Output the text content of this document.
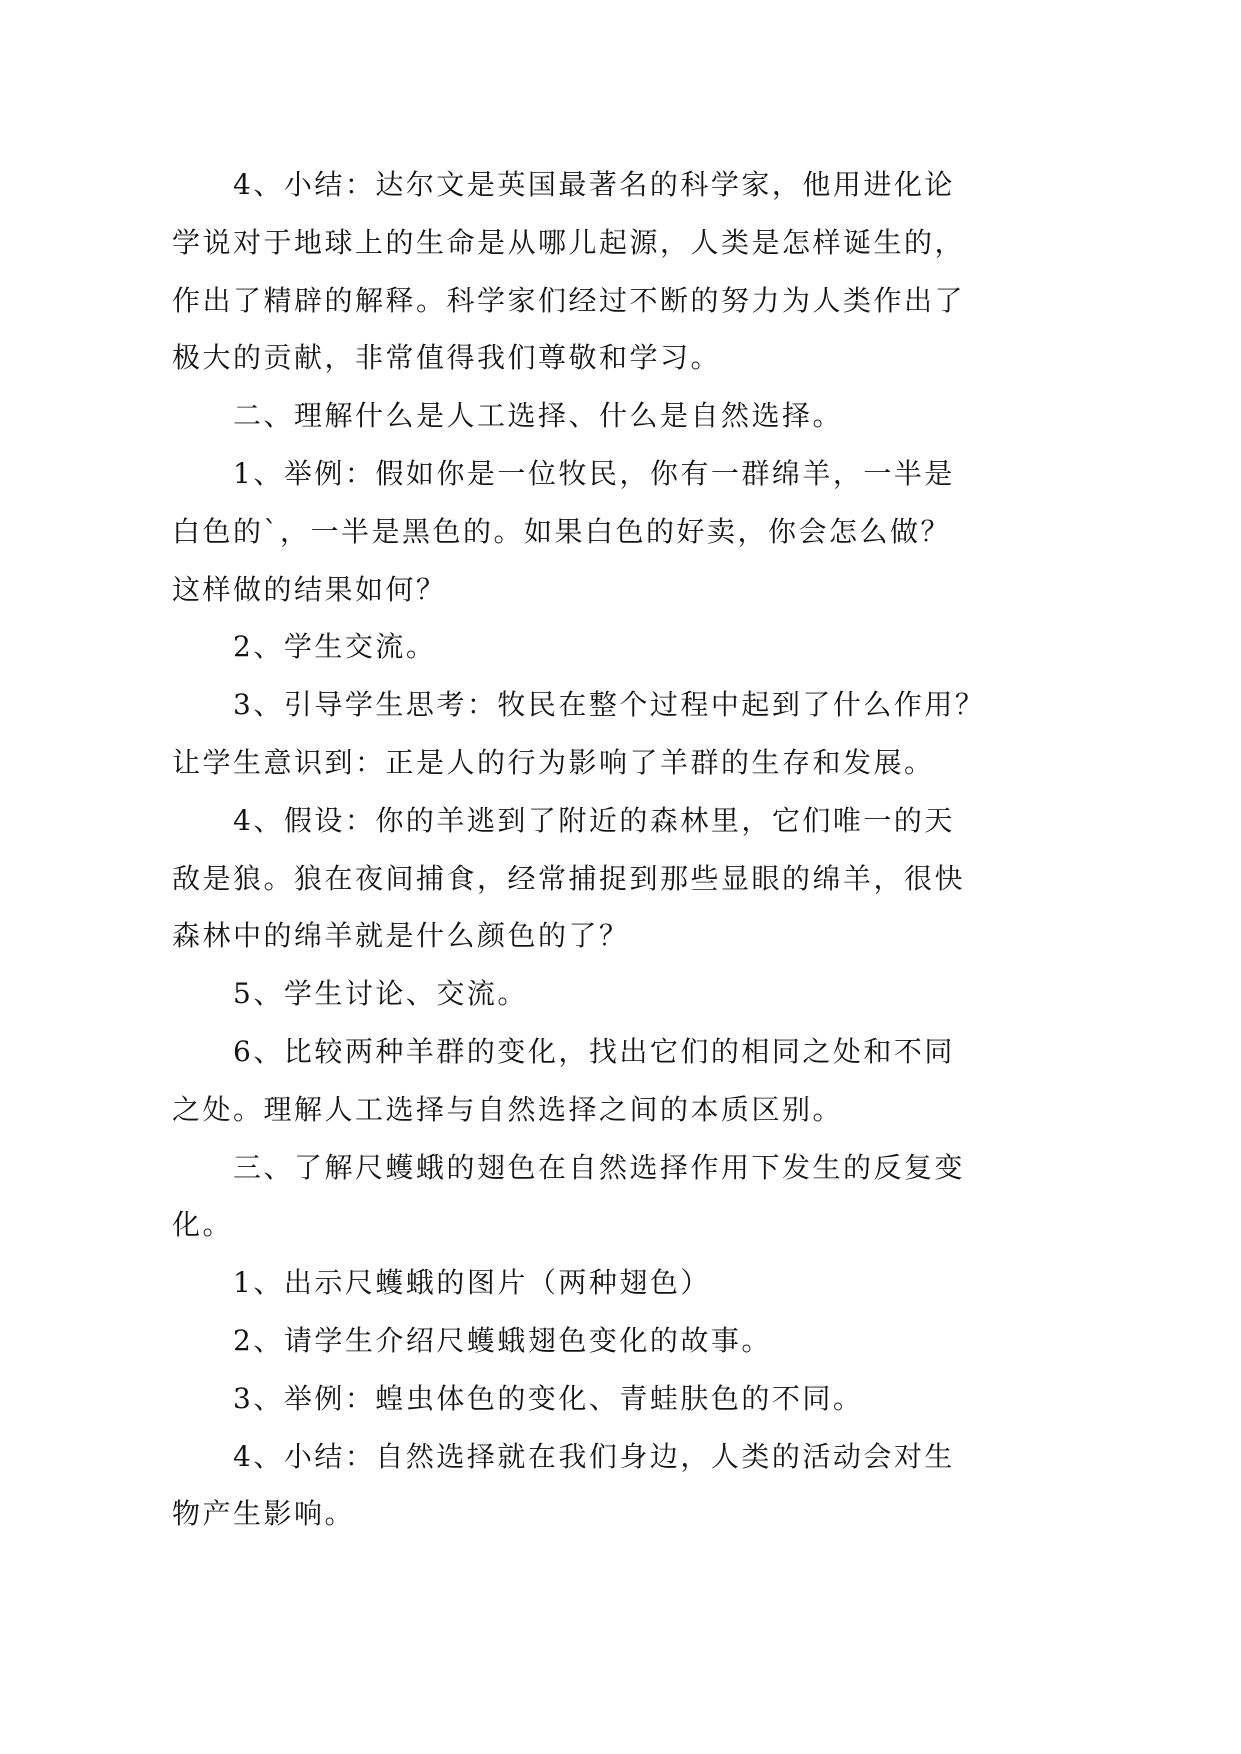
4、小结：达尔文是英国最著名的科学家，他用进化论
学说对于地球上的生命是从哪儿起源，人类是怎样诞生的，
作出了精辟的解释。科学家们经过不断的努力为人类作出了
极大的贡献，非常值得我们尊敬和学习。
二、理解什么是人工选择、什么是自然选择。
1、举例：假如你是一位牧民，你有一群绵羊，一半是
白色的`，一半是黑色的。如果白色的好卖，你会怎么做？
这样做的结果如何？
2、学生交流。
3、引导学生思考：牧民在整个过程中起到了什么作用？
让学生意识到：正是人的行为影响了羊群的生存和发展。
4、假设：你的羊逃到了附近的森林里，它们唯一的天
敌是狼。狼在夜间捕食，经常捕捉到那些显眼的绵羊，很快
森林中的绵羊就是什么颜色的了？
5、学生讨论、交流。
6、比较两种羊群的变化，找出它们的相同之处和不同
之处。理解人工选择与自然选择之间的本质区别。
三、了解尺蠖蛾的翅色在自然选择作用下发生的反复变
化。
1、出示尺蠖蛾的图片（两种翅色）
2、请学生介绍尺蠖蛾翅色变化的故事。
3、举例：蝗虫体色的变化、青蛙肤色的不同。
4、小结：自然选择就在我们身边，人类的活动会对生
物产生影响。
